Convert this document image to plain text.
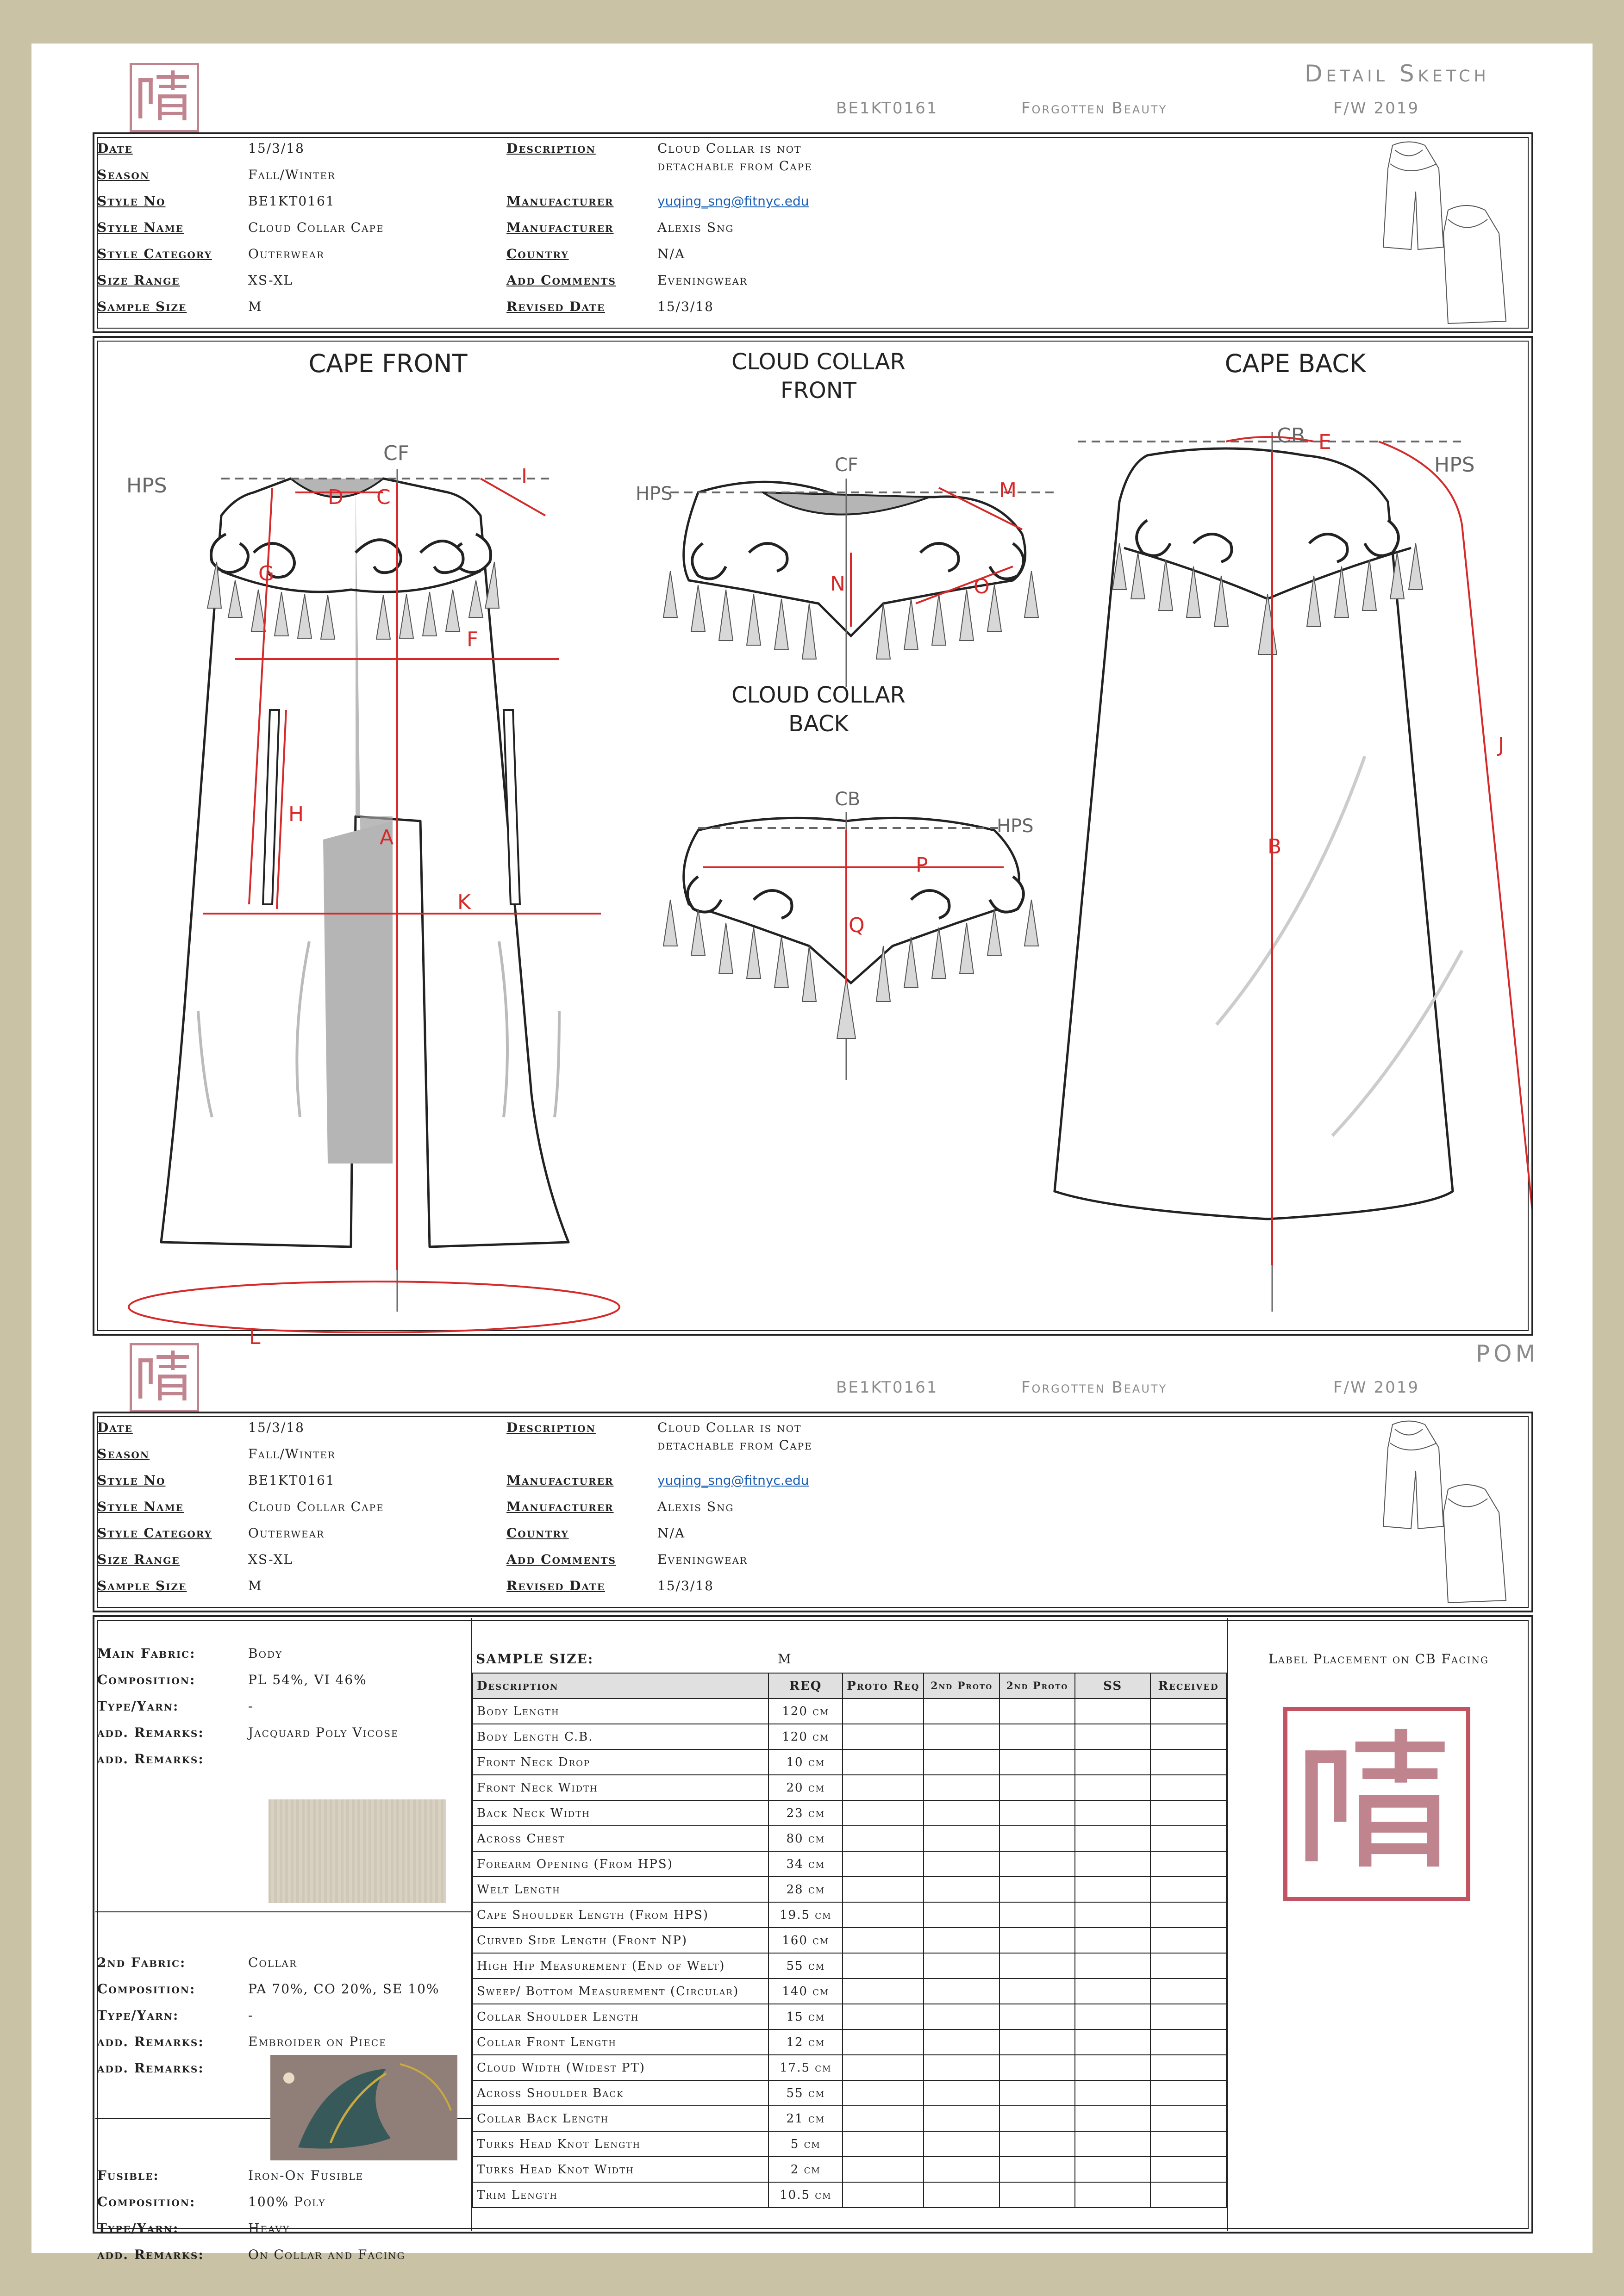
Detail Sketch
BE1KT0161	Forgotten Beauty	F/W 2019
Date	15/3/18
Season	Fall/Winter
Style No	BE1KT0161
Style Name	Cloud Collar Cape
Style Category	Outerwear
Size Range	XS-XL
Sample Size	M
Description	Cloud Collar is not
detachable from Cape
Manufacturer	yuqing_sng@fitnyc.edu
Manufacturer	Alexis Sng
Country	N/A
Add Comments	Eveningwear
Revised Date	15/3/18
CAPE FRONT	CLOUD COLLAR
FRONT
CLOUD COLLAR
BACK
CAPE BACK
HPS
CF
D C
I
G
F
H
A
K
L
HPS
CF
M
N	O
HPS
CB
P
Q
HPS
CB E
J
B
POM
BE1KT0161	Forgotten Beauty	F/W 2019
Date	15/3/18
Season	Fall/Winter
Style No	BE1KT0161
Style Name	Cloud Collar Cape
Style Category	Outerwear
Size Range	XS-XL
Sample Size	M
Description	Cloud Collar is not
detachable from Cape
Manufacturer	yuqing_sng@fitnyc.edu
Manufacturer	Alexis Sng
Country	N/A
Add Comments	Eveningwear
Revised Date	15/3/18
Main Fabric:	Body
Composition:	PL 54%, VI 46%
Type/Yarn:	-
add. Remarks:	Jacquard Poly Vicose
add. Remarks:
2nd Fabric:	Collar
Composition:	PA 70%, CO 20%, SE 10%
Type/Yarn:	-
add. Remarks:	Embroider on Piece
add. Remarks:
Fusible:	Iron-On Fusible
Composition:	100% Poly
Type/Yarn:	Heavy
add. Remarks:	On Collar and Facing
SAMPLE SIZE:	M
Description	REQ	Proto Req	2nd Proto	2nd Proto	SS	Received
Body Length	120 cm					
Body Length C.B.	120 cm					
Front Neck Drop	10 cm					
Front Neck Width	20 cm					
Back Neck Width	23 cm					
Across Chest	80 cm					
Forearm Opening (From HPS)	34 cm					
Welt Length	28 cm					
Cape Shoulder Length (From HPS)	19.5 cm					
Curved Side Length (Front NP)	160 cm					
High Hip Measurement (End of Welt)	55 cm					
Sweep/ Bottom Measurement (Circular)	140 cm					
Collar Shoulder Length	15 cm					
Collar Front Length	12 cm					
Cloud Width (Widest PT)	17.5 cm					
Across Shoulder Back	55 cm					
Collar Back Length	21 cm					
Turks Head Knot Length	5 cm					
Turks Head Knot Width	2 cm					
Trim Length	10.5 cm					
Label Placement on CB Facing
